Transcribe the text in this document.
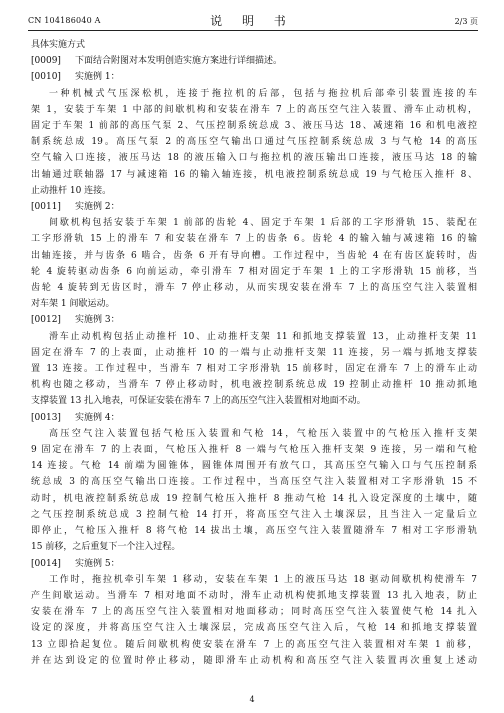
CN 104186040 A	说 明 书	2/3 页
具体实施方式
[0009] 下面结合附图对本发明创造实施方案进行详细描述。
[0010] 实施例 1：
一种机械式气压深松机，连接于拖拉机的后部，包括与拖拉机后部牵引装置连接的车
架 1，安装于车架 1 中部的间歇机构和安装在滑车 7 上的高压空气注入装置、滑车止动机构，
固定于车架 1 前部的高压气泵 2、气压控制系统总成 3、液压马达 18、减速箱 16 和机电液控
制系统总成 19。高压气泵 2 的高压空气输出口通过气压控制系统总成 3 与气枪 14 的高压
空气输入口连接，液压马达 18 的液压输入口与拖拉机的液压输出口连接，液压马达 18 的输
出轴通过联轴器 17 与减速箱 16 的输入轴连接，机电液控制系统总成 19 与气枪压入推杆 8、
止动推杆 10 连接。
[0011] 实施例 2：
间歇机构包括安装于车架 1 前部的齿轮 4、固定于车架 1 后部的工字形滑轨 15、装配在
工字形滑轨 15 上的滑车 7 和安装在滑车 7 上的齿条 6。齿轮 4 的输入轴与减速箱 16 的输
出轴连接，并与齿条 6 啮合，齿条 6 开有导向槽。工作过程中，当齿轮 4 在有齿区旋转时，齿
轮 4 旋转驱动齿条 6 向前运动，牵引滑车 7 相对固定于车架 1 上的工字形滑轨 15 前移，当
齿轮 4 旋转到无齿区时，滑车 7 停止移动，从而实现安装在滑车 7 上的高压空气注入装置相
对车架 1 间歇运动。
[0012] 实施例 3：
滑车止动机构包括止动推杆 10、止动推杆支架 11 和抓地支撑装置 13，止动推杆支架 11
固定在滑车 7 的上表面，止动推杆 10 的一端与止动推杆支架 11 连接，另一端与抓地支撑装
置 13 连接。工作过程中，当滑车 7 相对工字形滑轨 15 前移时，固定在滑车 7 上的滑车止动
机构也随之移动，当滑车 7 停止移动时，机电液控制系统总成 19 控制止动推杆 10 推动抓地
支撑装置 13 扎入地表，可保证安装在滑车 7 上的高压空气注入装置相对地面不动。
[0013] 实施例 4：
高压空气注入装置包括气枪压入装置和气枪 14，气枪压入装置中的气枪压入推杆支架
9 固定在滑车 7 的上表面，气枪压入推杆 8 一端与气枪压入推杆支架 9 连接，另一端和气枪
14 连接。气枪 14 前端为圆锥体，圆锥体周围开有放气口，其高压空气输入口与气压控制系
统总成 3 的高压空气输出口连接。工作过程中，当高压空气注入装置相对工字形滑轨 15 不
动时，机电液控制系统总成 19 控制气枪压入推杆 8 推动气枪 14 扎入设定深度的土壤中，随
之气压控制系统总成 3 控制气枪 14 打开，将高压空气注入土壤深层，且当注入一定量后立
即停止，气枪压入推杆 8 将气枪 14 拔出土壤，高压空气注入装置随滑车 7 相对工字形滑轨
15 前移，之后重复下一个注入过程。
[0014] 实施例 5：
工作时，拖拉机牵引车架 1 移动，安装在车架 1 上的液压马达 18 驱动间歇机构使滑车 7
产生间歇运动。当滑车 7 相对地面不动时，滑车止动机构使抓地支撑装置 13 扎入地表，防止
安装在滑车 7 上的高压空气注入装置相对地面移动；同时高压空气注入装置使气枪 14 扎入
设定的深度，并将高压空气注入土壤深层，完成高压空气注入后，气枪 14 和抓地支撑装置
13 立即拾起复位。随后间歇机构使安装在滑车 7 上的高压空气注入装置相对车架 1 前移，
并在达到设定的位置时停止移动，随即滑车止动机构和高压空气注入装置再次重复上述动
4
